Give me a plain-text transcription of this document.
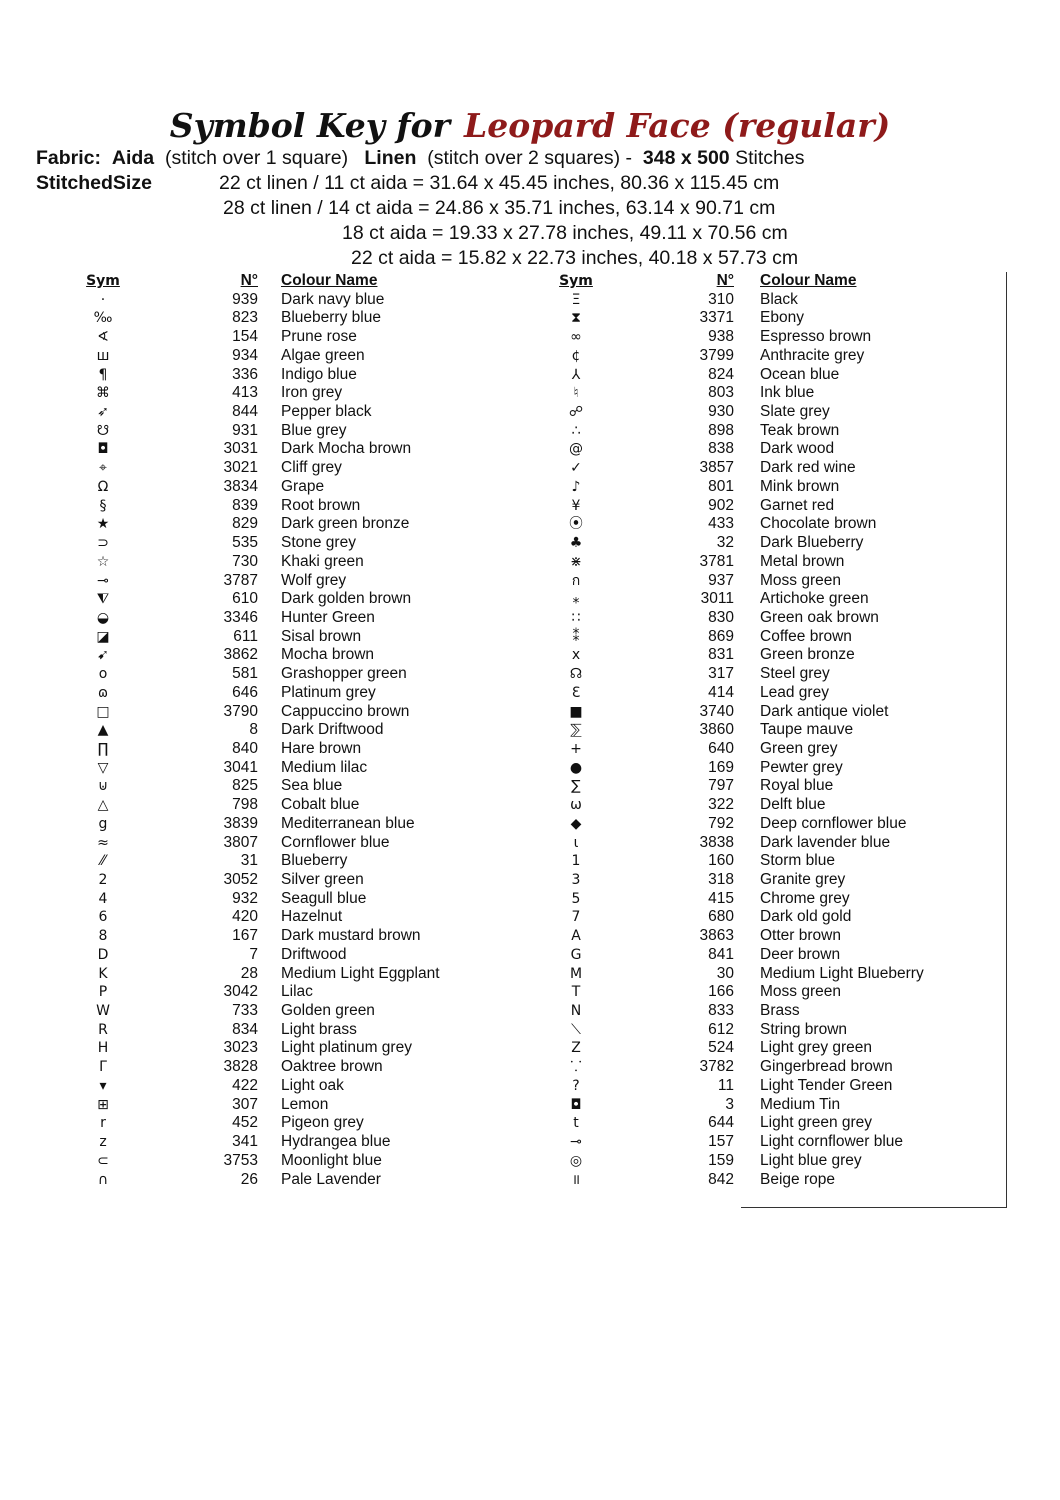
Symbol Key for Leopard Face (regular)
Fabric: Aida (stitch over 1 square) Linen (stitch over 2 squares) - 348 x 500 Stitches
StitchedSize	22 ct linen / 11 ct aida = 31.64 x 45.45 inches, 80.36 x 115.45 cm
28 ct linen / 14 ct aida = 24.86 x 35.71 inches, 63.14 x 90.71 cm
18 ct aida = 19.33 x 27.78 inches, 49.11 x 70.56 cm
22 ct aida = 15.82 x 22.73 inches, 40.18 x 57.73 cm
Sym	N° Colour Name
·	939 Dark navy blue
‰	823 Blueberry blue
∢	154 Prune rose
ш	934 Algae green
¶	336 Indigo blue
⌘	413 Iron grey
➶	844 Pepper black
☋	931 Blue grey
◘	3031 Dark Mocha brown
⌖	3021 Cliff grey
Ω	3834 Grape
§	839 Root brown
★	829 Dark green bronze
⊃	535 Stone grey
☆	730 Khaki green
⊸	3787 Wolf grey
⧨	610 Dark golden brown
◒	3346 Hunter Green
◪	611 Sisal brown
➹	3862 Mocha brown
o	581 Grashopper green
ɷ	646 Platinum grey
□	3790 Cappuccino brown
▲	8 Dark Driftwood
∏	840 Hare brown
▽	3041 Medium lilac
⊍	825 Sea blue
△	798 Cobalt blue
g	3839 Mediterranean blue
≈	3807 Cornflower blue
⁄⁄	31 Blueberry
2	3052 Silver green
4	932 Seagull blue
6	420 Hazelnut
8	167 Dark mustard brown
D	7 Driftwood
K	28 Medium Light Eggplant
P	3042 Lilac
W	733 Golden green
R	834 Light brass
H	3023 Light platinum grey
Γ	3828 Oaktree brown
▾	422 Light oak
⊞	307 Lemon
r	452 Pigeon grey
z	341 Hydrangea blue
⊂	3753 Moonlight blue
∩	26 Pale Lavender
Sym	N° Colour Name
Ξ	310 Black
⧗	3371 Ebony
∞	938 Espresso brown
¢	3799 Anthracite grey
⅄	824 Ocean blue
♮	803 Ink blue
☍	930 Slate grey
∴	898 Teak brown
@	838 Dark wood
✓	3857 Dark red wine
♪	801 Mink brown
¥	902 Garnet red
⦿	433 Chocolate brown
♣	32 Dark Blueberry
⋇	3781 Metal brown
ก	937 Moss green
⁎	3011 Artichoke green
∷	830 Green oak brown
⁑	869 Coffee brown
x	831 Green bronze
☊	317 Steel grey
Ɛ	414 Lead grey
■	3740 Dark antique violet
⅀	3860 Taupe mauve
+	640 Green grey
●	169 Pewter grey
∑	797 Royal blue
ω	322 Delft blue
◆	792 Deep cornflower blue
ɩ	3838 Dark lavender blue
1	160 Storm blue
3	318 Granite grey
5	415 Chrome grey
7	680 Dark old gold
A	3863 Otter brown
G	841 Deer brown
M	30 Medium Light Blueberry
T	166 Moss green
N	833 Brass
⟍	612 String brown
Z	524 Light grey green
⸪	3782 Gingerbread brown
?	11 Light Tender Green
◘	3 Medium Tin
t	644 Light green grey
⊸	157 Light cornflower blue
◎	159 Light blue grey
॥	842 Beige rope
